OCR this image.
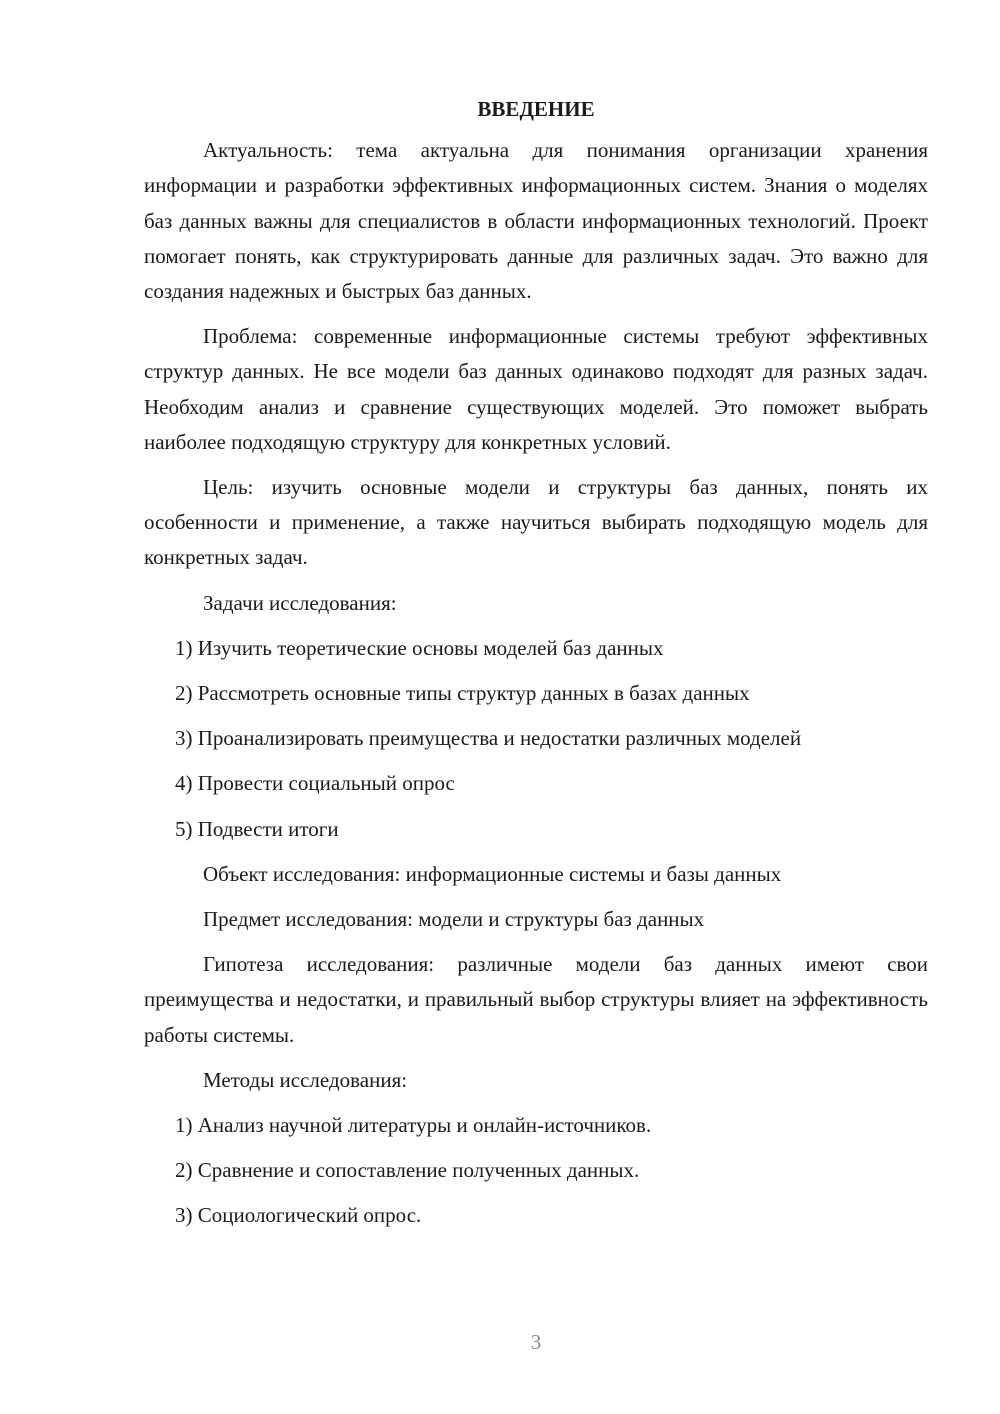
ВВЕДЕНИЕ

Актуальность: тема актуальна для понимания организации хранения информации и разработки эффективных информационных систем. Знания о моделях баз данных важны для специалистов в области информационных технологий. Проект помогает понять, как структурировать данные для различных задач. Это важно для создания надежных и быстрых баз данных.

Проблема: современные информационные системы требуют эффективных структур данных. Не все модели баз данных одинаково подходят для разных задач. Необходим анализ и сравнение существующих моделей. Это поможет выбрать наиболее подходящую структуру для конкретных условий.

Цель: изучить основные модели и структуры баз данных, понять их особенности и применение, а также научиться выбирать подходящую модель для конкретных задач.

Задачи исследования:
1) Изучить теоретические основы моделей баз данных
2) Рассмотреть основные типы структур данных в базах данных
3) Проанализировать преимущества и недостатки различных моделей
4) Провести социальный опрос
5) Подвести итоги
Объект исследования: информационные системы и базы данных
Предмет исследования: модели и структуры баз данных

Гипотеза исследования: различные модели баз данных имеют свои преимущества и недостатки, и правильный выбор структуры влияет на эффективность работы системы.

Методы исследования:
1) Анализ научной литературы и онлайн-источников.
2) Сравнение и сопоставление полученных данных.
3) Социологический опрос.
3
